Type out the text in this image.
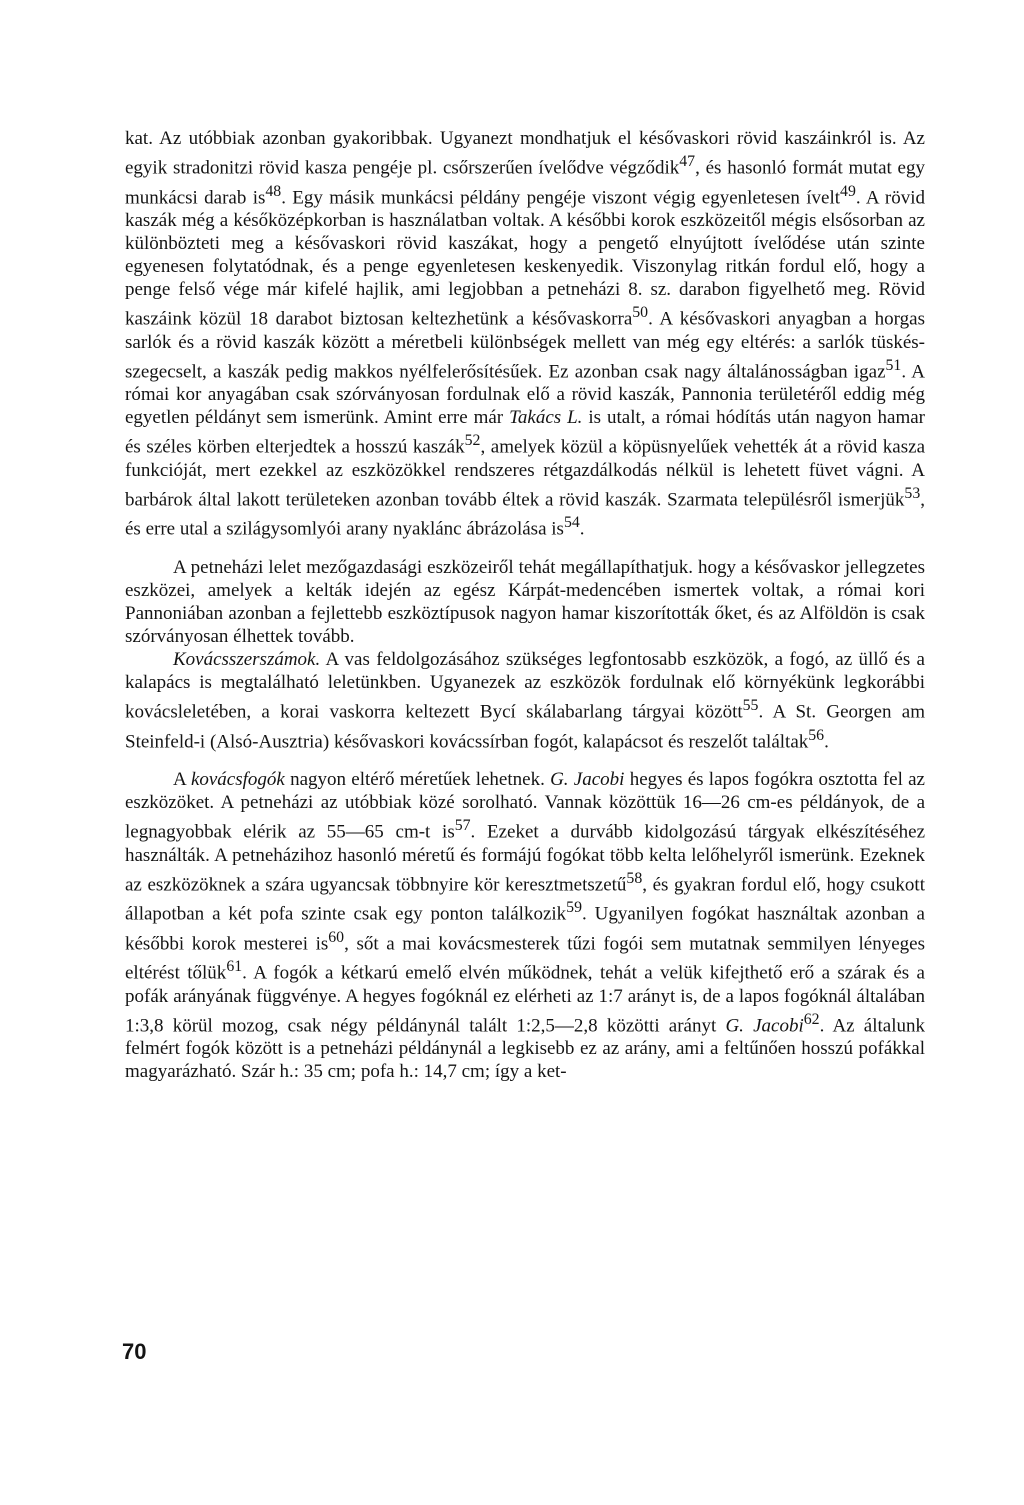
kat. Az utóbbiak azonban gyakoribbak. Ugyanezt mondhatjuk el késővaskori rövid kaszáinkról is. Az egyik stradonitzi rövid kasza pengéje pl. csőrszerűen ívelődve végződik$^{47}$, és hasonló formát mutat egy munkácsi darab $is^{48}$. Egy másik munkácsi példány pengéje viszont végig egyenletesen ívelt$^{49}$. A rövid kaszák még a későközépkorban is használatban voltak. A későbbi korok eszközeitől mégis elsősorban az különbözteti meg a késővaskori rövid kaszákat, hogy a pengető elnyújtott ívelődése után szinte egyenesen folytatódnak, és a penge egyenletesen keskenyedik. Viszonylag ritkán fordul elő, hogy a penge felső vége már kifelé hajlik, ami legjobban a petneházi 8. sz. darabon figyelhető meg. Rövid kaszáink közül 18 darabot biztosan keltezhetünk a késővaskorra$^{50}$. A késővaskori anyagban a horgas sarlók és a rövid kaszák között a méretbeli különbségek mellett van még egy eltérés: a sarlók tüskés-szegecselt, a kaszák pedig makkos nyélfelerősítésűek. Ez azonban csak nagy általánosságban igaz$^{51}$. A római kor anyagában csak szórványosan fordulnak elő a rövid kaszák, Pannonia területéről eddig még egyetlen példányt sem ismerünk. Amint erre már Takács L. is utalt, a római hódítás után nagyon hamar és széles körben elterjedtek a hosszú kaszák$^{52}$, amelyek közül a köpüsnyelűek vehették át a rövid kasza funkcióját, mert ezekkel az eszközökkel rendszeres rétgazdálkodás nélkül is lehetett füvet vágni. A barbárok által lakott területeken azonban tovább éltek a rövid kaszák. Szarmata településről ismerjük$^{53}$, és erre utal a szilágysomlyói arany nyaklánc ábrázolása $is^{54}$.

A petneházi lelet mezőgazdasági eszközeiről tehát megállapíthatjuk. hogy a késővaskor jellegzetes eszközei, amelyek a kelták idején az egész Kárpát-medencében ismertek voltak, a római kori Pannoniában azonban a fejlettebb eszköztípusok nagyon hamar kiszorították őket, és az Alföldön is csak szórványosan élhettek tovább.

Kovácsszerszámok. A vas feldolgozásához szükséges legfontosabb eszközök, a fogó, az üllő és a kalapács is megtalálható leletünkben. Ugyanezek az eszközök fordulnak elő környékünk legkorábbi kovácsleletében, a korai vaskorra keltezett Bycí skálabarlang tárgyai között$^{55}$. A St. Georgen am Steinfeld-i (Alsó-Ausztria) késővaskori kovácssírban fogót, kalapácsot és reszelőt találtak$^{56}$.

A kovácsfogók nagyon eltérő méretűek lehetnek. G. Jacobi hegyes és lapos fogókra osztotta fel az eszközöket. A petneházi az utóbbiak közé sorolható. Vannak közöttük 16—26 cm-es példányok, de a legnagyobbak elérik az 55—65 cm-t $is^{57}$. Ezeket a durvább kidolgozású tárgyak elkészítéséhez használták. A petneházihoz hasonló méretű és formájú fogókat több kelta lelőhelyről ismerünk. Ezeknek az eszközöknek a szára ugyancsak többnyire kör keresztmetszetű$^{58}$, és gyakran fordul elő, hogy csukott állapotban a két pofa szinte csak egy ponton találkozik$^{59}$. Ugyanilyen fogókat használtak azonban a későbbi korok mesterei $is^{60}$, sőt a mai kovácsmesterek tűzi fogói sem mutatnak semmilyen lényeges eltérést tőlük$^{61}$. A fogók a kétkarú emelő elvén működnek, tehát a velük kifejthető erő a szárak és a pofák arányának függvénye. A hegyes fogóknál ez elérheti az 1:7 arányt is, de a lapos fogóknál általában 1:3,8 körül mozog, csak négy példánynál talált 1:2,5—2,8 közötti arányt G. Jacobi$^{62}$. Az általunk felmért fogók között is a petneházi példánynál a legkisebb ez az arány, ami a feltűnően hosszú pofákkal magyarázható. Szár h.: 35 cm; pofa h.: 14,7 cm; így a ket-

70
